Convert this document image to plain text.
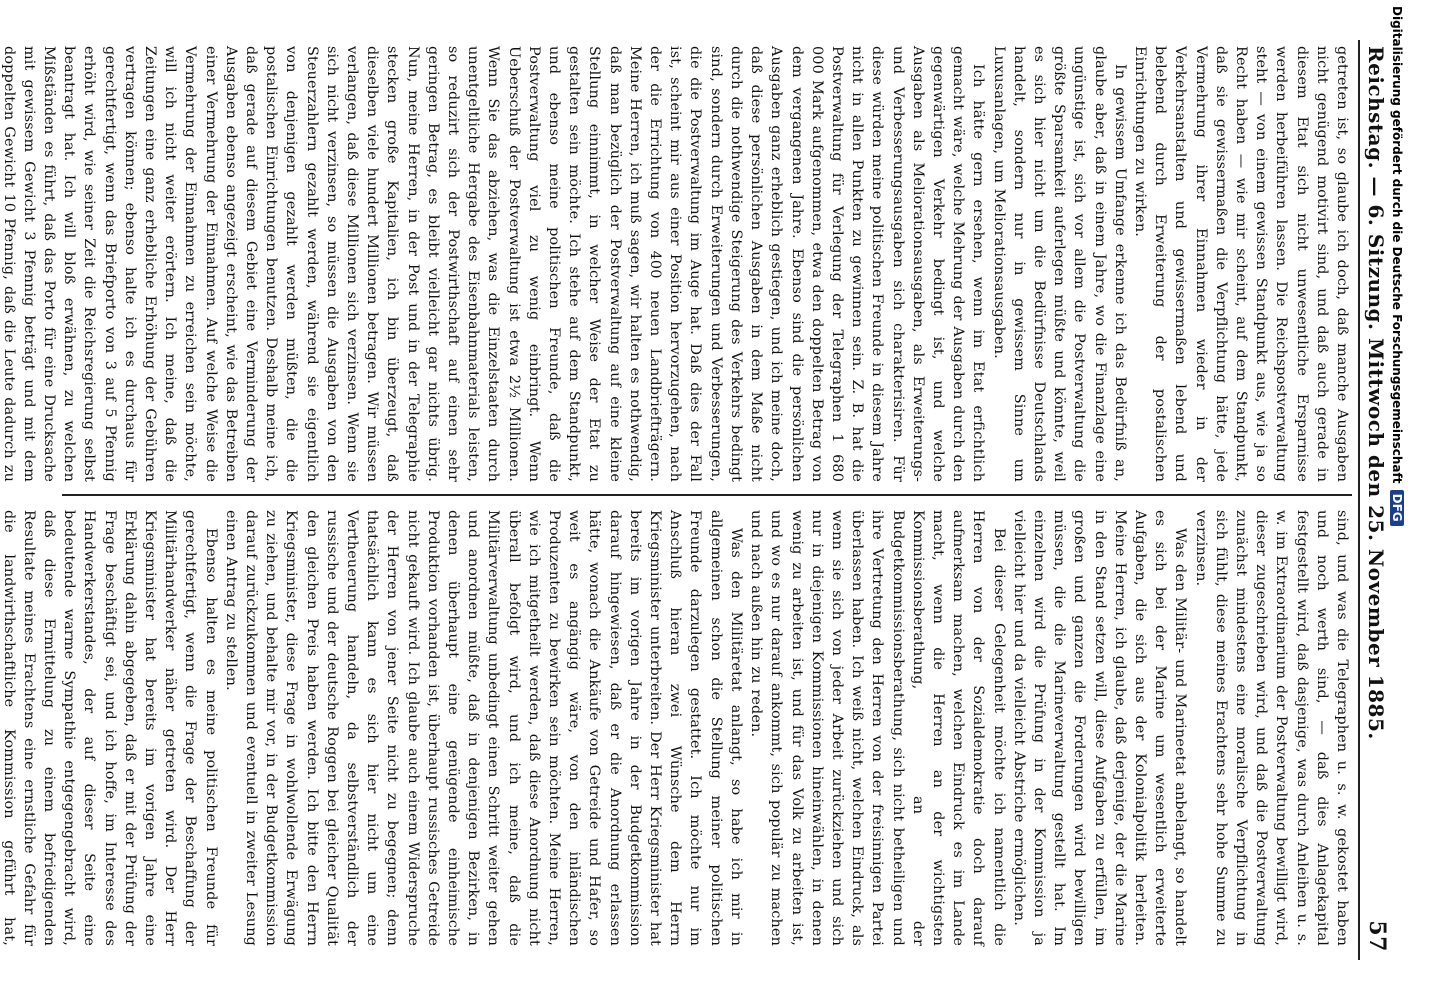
Reichstag. — 6. Sitzung. Mittwoch den 25. November 1885.
57

getreten ist, so glaube ich doch, daß manche Ausgaben nicht genügend motivirt sind, und daß auch gerade in diesem Etat sich nicht unwesentliche Ersparnisse werden herbeiführen lassen. Die Reichspostverwaltung steht — von einem gewissen Standpunkt aus, wie ja so Recht haben — wie mir scheint, auf dem Standpunkt, daß sie gewissermaßen die Verpflichtung hätte, jede Vermehrung ihrer Einnahmen wieder in der Verkehrsanstalten und gewissermaßen lebend und belebend durch Erweiterung der postalischen Einrichtungen zu wirken.

In gewissem Umfange erkenne ich das Bedürfniß an, glaube aber, daß in einem Jahre, wo die Finanzlage eine ungünstige ist, sich vor allem die Postverwaltung die größte Sparsamkeit auferlegen müßte und könnte, weil es sich hier nicht um die Bedürfnisse Deutschlands handelt, sondern nur in gewissem Sinne um Luxusanlagen, um Meliorationsausgaben.

Ich hätte gern ersehen, wenn im Etat erfichtlich gemacht wäre, welche Mehrung der Ausgaben durch den gegenwärtigen Verkehr bedingt ist, und welche Ausgaben als Meliorationsausgaben, als Erweiterungs- und Verbesserungsausgaben sich charakterisiren. Für diese würden meine politischen Freunde in diesem Jahre nicht in allen Punkten zu gewinnen sein. Z. B. hat die Postverwaltung für Verlegung der Telegraphen 1 680 000 Mark aufgenommen, etwa den doppelten Betrag von dem vergangenen Jahre. Ebenso sind die persönlichen Ausgaben ganz erheblich gestiegen, und ich meine doch, daß diese persönlichen Ausgaben in dem Maße nicht durch die nothwendige Steigerung des Verkehrs bedingt sind, sondern durch Erweiterungen und Verbesserungen, die die Postverwaltung im Auge hat. Daß dies der Fall ist, scheint mir aus einer Position hervorzugehen, nach der die Errichtung von 400 neuen Landbriefträgern. Meine Herren, ich muß sagen, wir halten es nothwendig, daß man bezüglich der Postverwaltung auf eine kleine Stellung einnimmt, in welcher Weise der Etat zu gestalten sein möchte. Ich stehe auf dem Standpunkt, und ebenso meine politischen Freunde, daß die Postverwaltung viel zu wenig einbringt. Wenn Ueberschuß der Postverwaltung ist etwa 2½ Millionen. Wenn Sie das abziehen, was die Einzelstaaten durch unentgeltliche Hergabe des Eisenbahnmaterials leisten, so reduzirt sich der Postwirthschaft auf einen sehr geringen Betrag, es bleibt vielleicht gar nichts übrig. Nun, meine Herren, in der Post und in der Telegraphie stecken große Kapitalien, ich bin überzeugt, daß dieselben viele hundert Millionen betragen. Wir müssen verlangen, daß diese Millionen sich verzinsen. Wenn sie sich nicht verzinsen, so müssen die Ausgaben von den Steuerzahlern gezahlt werden, während sie eigentlich von denjenigen gezahlt werden müßten, die die postalischen Einrichtungen benutzen. Deshalb meine ich, daß gerade auf diesem Gebiet eine Verminderung der Ausgaben ebenso angezeigt erscheint, wie das Betreiben einer Vermehrung der Einnahmen. Auf welche Weise die Vermehrung der Einnahmen zu erreichen sein möchte, will ich nicht weiter erörtern. Ich meine, daß die Zeitungen eine ganz erhebliche Erhöhung der Gebühren vertragen können; ebenso halte ich es durchaus für gerechtfertigt, wenn das Briefporto von 3 auf 5 Pfennig erhöht wird, wie seiner Zeit die Reichsregierung selbst beantragt hat. Ich will bloß erwähnen, zu welchen Mißständen es führt, daß das Porto für eine Drucksache mit gewissem Gewicht 3 Pfennig beträgt und mit dem doppelten Gewicht 10 Pfennig, daß die Leute dadurch zu

sind, und was die Telegraphen u. s. w. gekostet haben und noch werth sind, — daß dies Anlagekapital festgestellt wird, daß dasjenige, was durch Anleihen u. s. w. im Extraordinarium der Postverwaltung bewilligt wird, dieser zugeschrieben wird, und daß die Postverwaltung zunächst mindestens eine moralische Verpflichtung in sich fühlt, diese meines Erachtens sehr hohe Summe zu verzinsen.

Was den Militär- und Marineetat anbelangt, so handelt es sich bei der Marine um wesentlich erweiterte Aufgaben, die sich aus der Kolonialpolitik herleiten. Meine Herren, ich glaube, daß derjenige, der die Marine in den Stand setzen will, diese Aufgaben zu erfüllen, im großen und ganzen die Forderungen wird bewilligen müssen, die die Marineverwaltung gestellt hat. Im einzelnen wird die Prüfung in der Kommission ja vielleicht hier und da vielleicht Abstriche ermöglichen.

Bei dieser Gelegenheit möchte ich namentlich die Herren von der Sozialdemokratie doch darauf aufmerksam machen, welchen Eindruck es im Lande macht, wenn die Herren an der wichtigsten Kommissionsberathung, an der Budgetkommissionsberathung, sich nicht betheiligen und ihre Vertretung den Herren von der freisinnigen Partei überlassen haben. Ich weiß nicht, welchen Eindruck, als wenn sie sich von jeder Arbeit zurückziehen und sich nur in diejenigen Kommissionen hineinwählen, in denen wenig zu arbeiten ist, und für das Volk zu arbeiten ist, und wo es nur darauf ankommt, sich populär zu machen und nach außen hin zu reden.

Was den Militäretat anlangt, so habe ich mir in allgemeinen schon die Stellung meiner politischen Freunde darzulegen gestattet. Ich möchte nur im Anschluß hieran zwei Wünsche dem Herrn Kriegsminister unterbreiten. Der Herr Kriegsminister hat bereits im vorigen Jahre in der Budgetkommission darauf hingewiesen, daß er die Anordnung erlassen hätte, wonach die Ankäufe von Getreide und Hafer, so weit es angängig wäre, von den inländischen Produzenten zu bewirken sein möchten. Meine Herren, wie ich mitgetheilt werden, daß diese Anordnung nicht überall befolgt wird, und ich meine, daß die Militärverwaltung unbedingt einen Schritt weiter gehen und anordnen müßte, daß in denjenigen Bezirken, in denen überhaupt eine genügende einheimische Produktion vorhanden ist, überhaupt russisches Getreide nicht gekauft wird. Ich glaube auch einem Widerspruche der Herren von jener Seite nicht zu begegnen; denn thatsächlich kann es sich hier nicht um eine Vertheuerung handeln, da selbstverständlich der russische und der deutsche Roggen bei gleicher Qualität den gleichen Preis haben werden. Ich bitte den Herrn Kriegsminister, diese Frage in wohlwollende Erwägung zu ziehen, und behalte mir vor, in der Budgetkommission darauf zurückzukommen und eventuell in zweiter Lesung einen Antrag zu stellen.

Ebenso halten es meine politischen Freunde für gerechtfertigt, wenn die Frage der Beschaffung der Militärhandwerker näher getreten wird. Der Herr Kriegsminister hat bereits im vorigen Jahre eine Erklärung dahin abgegeben, daß er mit der Prüfung der Frage beschäftigt sei, und ich hoffe, im Interesse des Handwerkerstandes, der auf dieser Seite eine bedeutende warme Sympathie entgegengebracht wird, daß diese Ermittelung zu einem befriedigenden Resultate meines Erachtens eine ernstliche Gefahr für die landwirthschaftliche Kommission geführt hat,

Digitalisierung gefördert durch die Deutsche Forschungsgemeinschaft DFG
